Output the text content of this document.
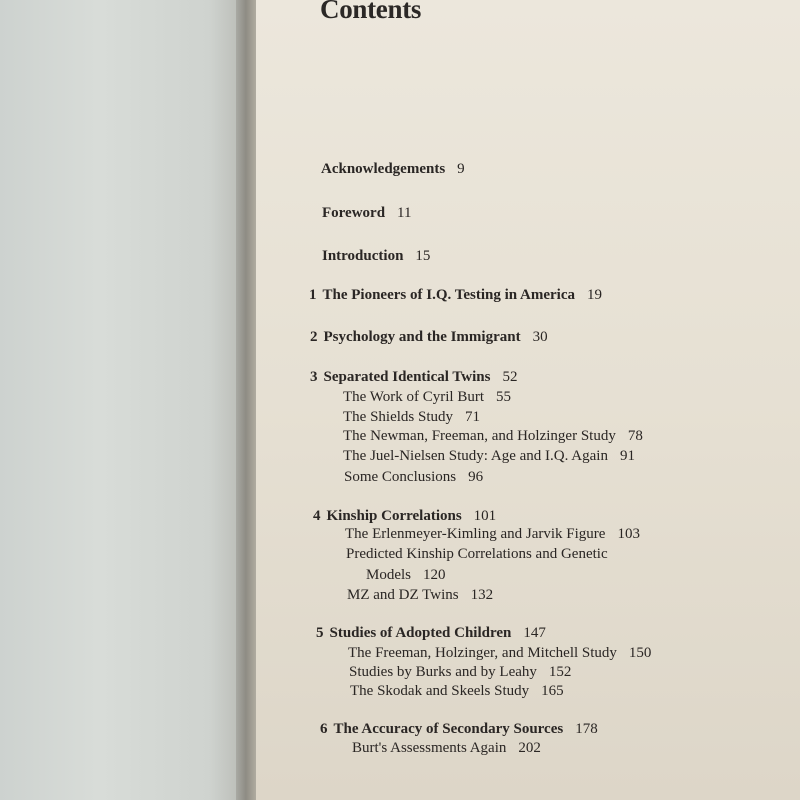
Contents
Acknowledgements 9
Foreword 11
Introduction 15
1 The Pioneers of I.Q. Testing in America 19
2 Psychology and the Immigrant 30
3 Separated Identical Twins 52
The Work of Cyril Burt 55
The Shields Study 71
The Newman, Freeman, and Holzinger Study 78
The Juel-Nielsen Study: Age and I.Q. Again 91
Some Conclusions 96
4 Kinship Correlations 101
The Erlenmeyer-Kimling and Jarvik Figure 103
Predicted Kinship Correlations and Genetic
Models 120
MZ and DZ Twins 132
5 Studies of Adopted Children 147
The Freeman, Holzinger, and Mitchell Study 150
Studies by Burks and by Leahy 152
The Skodak and Skeels Study 165
6 The Accuracy of Secondary Sources 178
Burt's Assessments Again 202
